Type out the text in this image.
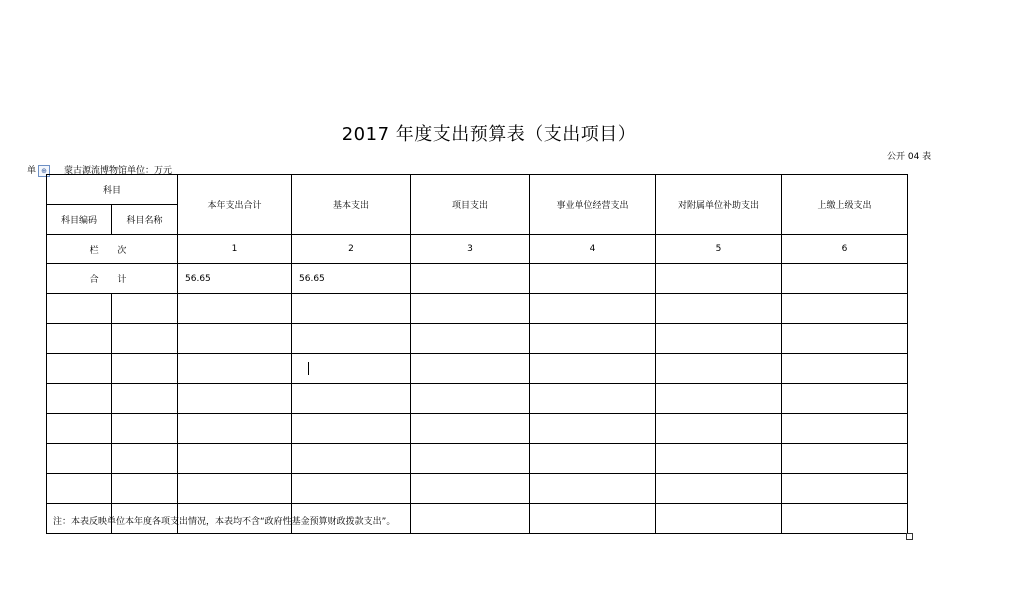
2017 年度支出预算表（支出项目）
公开 04 表
单 ⊕ 蒙古源流博物馆单位：万元
科目		本年支出合计	基本支出	项目支出	事业单位经营支出	对附属单位补助支出	上缴上级支出
科目编码	科目名称						
栏 次		1	2	3	4	5	6
合 计		56.65	56.65				

注：本表反映单位本年度各项支出情况，本表均不含“政府性基金预算财政拨款支出”。
